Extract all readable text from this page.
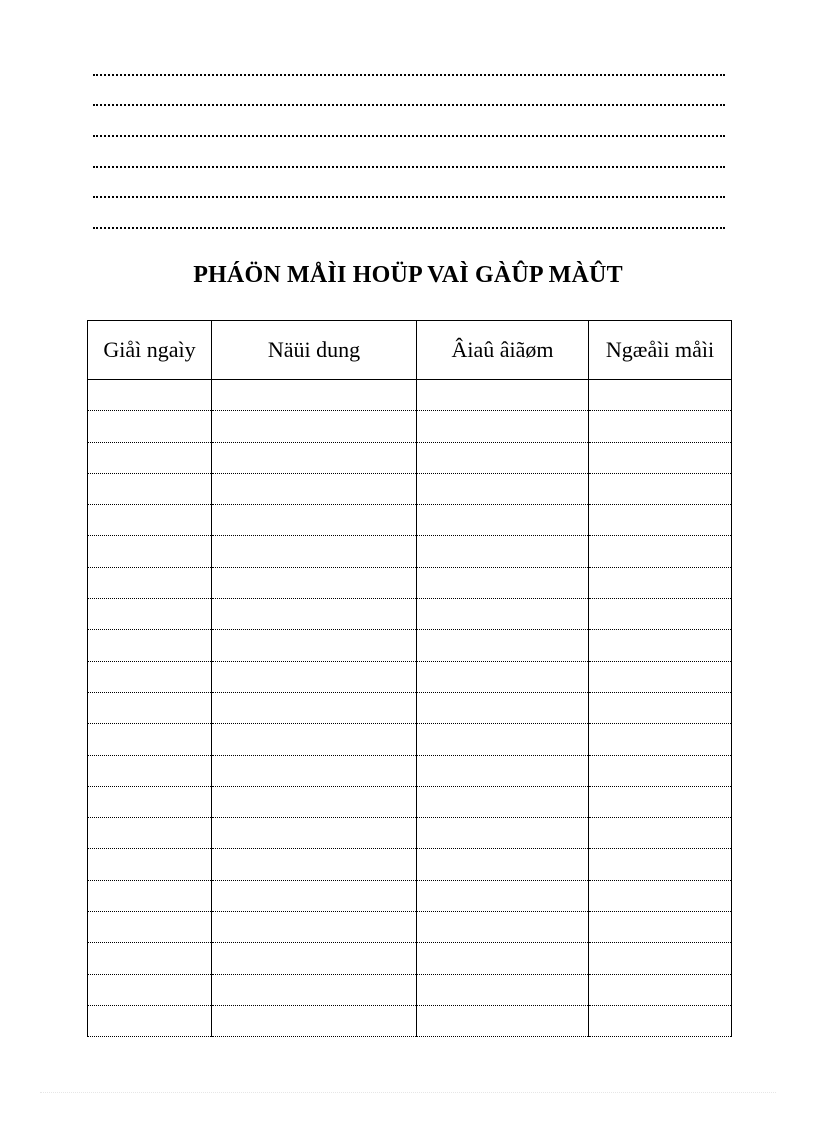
PHÁÖN MÅÌI HOÜP VAÌ GÀÛP MÀÛT
Giåì ngaìy	Näüi dung	Âiaû âiãøm	Ngæåìi måìi
